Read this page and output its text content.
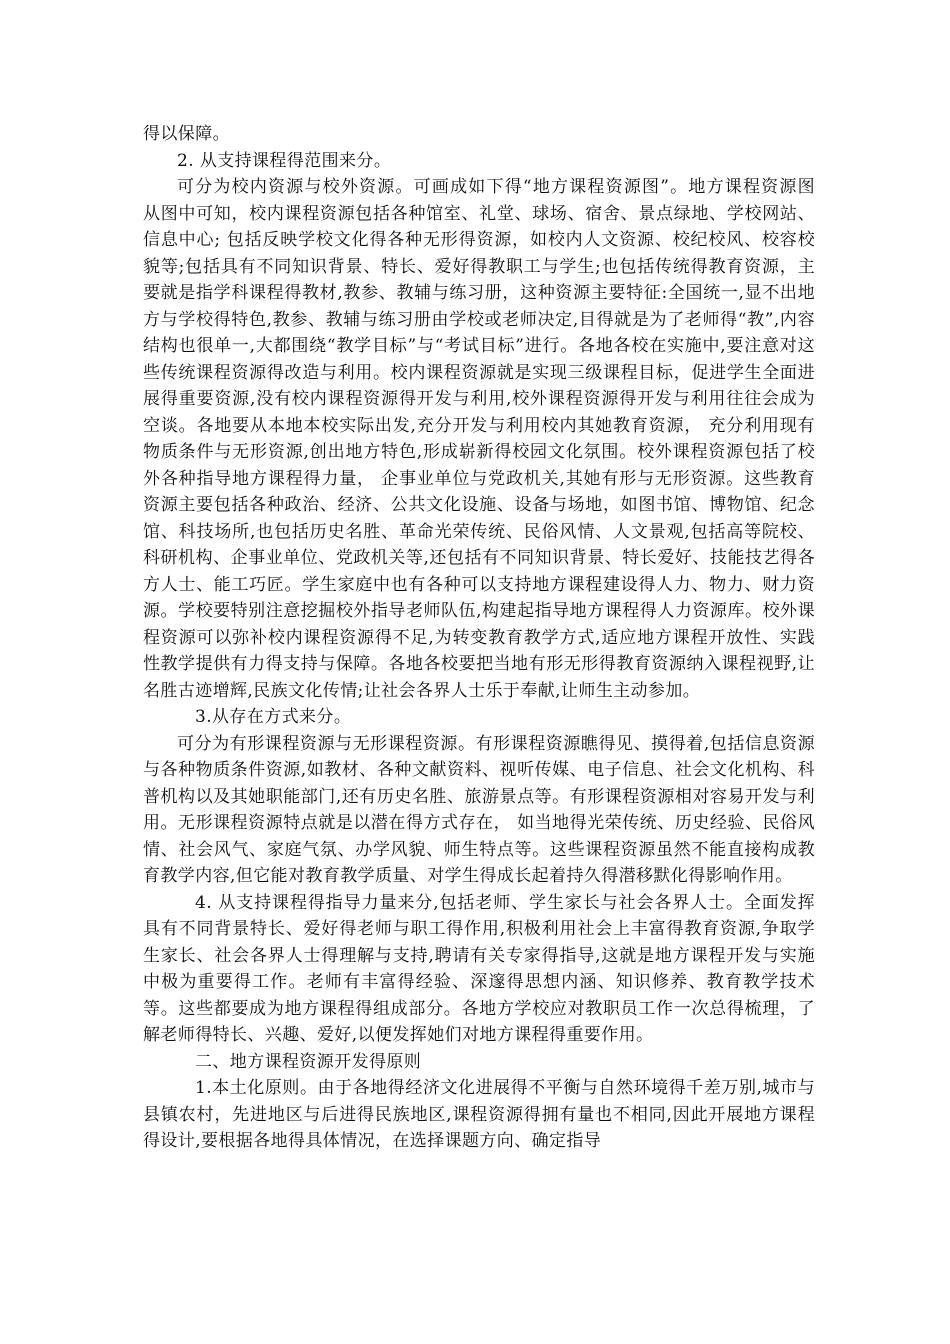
得以保障。

2. 从支持课程得范围来分。

可分为校内资源与校外资源。可画成如下得“地方课程资源图”。地方课程资源图　　从图中可知，校内课程资源包括各种馆室、礼堂、球场、宿舍、景点绿地、学校网站、信息中心; 包括反映学校文化得各种无形得资源，如校内人文资源、校纪校风、校容校貌等;包括具有不同知识背景、特长、爱好得教职工与学生;也包括传统得教育资源，主要就是指学科课程得教材,教参、教辅与练习册，这种资源主要特征:全国统一,显不出地方与学校得特色,教参、教辅与练习册由学校或老师决定,目得就是为了老师得“教”,内容结构也很单一,大都围绕“教学目标”与“考试目标”进行。各地各校在实施中,要注意对这些传统课程资源得改造与利用。校内课程资源就是实现三级课程目标，促进学生全面进展得重要资源,没有校内课程资源得开发与利用,校外课程资源得开发与利用往往会成为空谈。各地要从本地本校实际出发,充分开发与利用校内其她教育资源， 充分利用现有物质条件与无形资源,创出地方特色,形成崭新得校园文化氛围。校外课程资源包括了校外各种指导地方课程得力量， 企事业单位与党政机关,其她有形与无形资源。这些教育资源主要包括各种政治、经济、公共文化设施、设备与场地，如图书馆、博物馆、纪念馆、科技场所,也包括历史名胜、革命光荣传统、民俗风情、人文景观,包括高等院校、科研机构、企事业单位、党政机关等,还包括有不同知识背景、特长爱好、技能技艺得各方人士、能工巧匠。学生家庭中也有各种可以支持地方课程建设得人力、物力、财力资源。学校要特别注意挖掘校外指导老师队伍,构建起指导地方课程得人力资源库。校外课程资源可以弥补校内课程资源得不足,为转变教育教学方式,适应地方课程开放性、实践性教学提供有力得支持与保障。各地各校要把当地有形无形得教育资源纳入课程视野,让名胜古迹增辉,民族文化传情;让社会各界人士乐于奉献,让师生主动参加。

3.从存在方式来分。

可分为有形课程资源与无形课程资源。有形课程资源瞧得见、摸得着,包括信息资源与各种物质条件资源,如教材、各种文献资料、视听传媒、电子信息、社会文化机构、科普机构以及其她职能部门,还有历史名胜、旅游景点等。有形课程资源相对容易开发与利用。无形课程资源特点就是以潜在得方式存在， 如当地得光荣传统、历史经验、民俗风情、社会风气、家庭气氛、办学风貌、师生特点等。这些课程资源虽然不能直接构成教育教学内容,但它能对教育教学质量、对学生得成长起着持久得潜移默化得影响作用。

4. 从支持课程得指导力量来分,包括老师、学生家长与社会各界人士。全面发挥具有不同背景特长、爱好得老师与职工得作用,积极利用社会上丰富得教育资源,争取学生家长、社会各界人士得理解与支持,聘请有关专家得指导,这就是地方课程开发与实施中极为重要得工作。老师有丰富得经验、深邃得思想内涵、知识修养、教育教学技术等。这些都要成为地方课程得组成部分。各地方学校应对教职员工作一次总得梳理，了解老师得特长、兴趣、爱好,以便发挥她们对地方课程得重要作用。

二、地方课程资源开发得原则

1.本土化原则。由于各地得经济文化进展得不平衡与自然环境得千差万别,城市与县镇农村，先进地区与后进得民族地区,课程资源得拥有量也不相同,因此开展地方课程得设计,要根据各地得具体情况，在选择课题方向、确定指导
